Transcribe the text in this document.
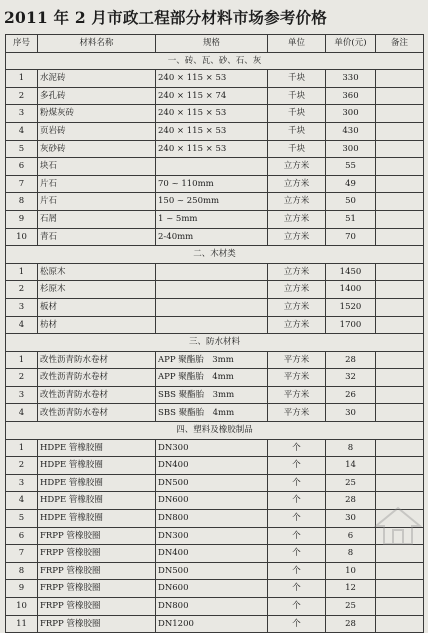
2011 年 2 月市政工程部分材料市场参考价格
序号	材料名称	规格	单位	单价(元)	备注
一、砖、瓦、砂、石、灰					
1	水泥砖	240 × 115 × 53	千块	330	
2	多孔砖	240 × 115 × 74	千块	360	
3	粉煤灰砖	240 × 115 × 53	千块	300	
4	页岩砖	240 × 115 × 53	千块	430	
5	灰砂砖	240 × 115 × 53	千块	300	
6	块石		立方米	55	
7	片石	70 ~ 110mm	立方米	49	
8	片石	150 ~ 250mm	立方米	50	
9	石屑	1 ~ 5mm	立方米	51	
10	青石	2-40mm	立方米	70	
二、木材类					
1	松原木		立方米	1450	
2	杉原木		立方米	1400	
3	板材		立方米	1520	
4	枋材		立方米	1700	
三、防水材料					
1	改性沥青防水卷材	APP 聚酯胎　3mm	平方米	28	
2	改性沥青防水卷材	APP 聚酯胎　4mm	平方米	32	
3	改性沥青防水卷材	SBS 聚酯胎　3mm	平方米	26	
4	改性沥青防水卷材	SBS 聚酯胎　4mm	平方米	30	
四、塑料及橡胶制品					
1	HDPE 管橡胶圈	DN300	个	8	
2	HDPE 管橡胶圈	DN400	个	14	
3	HDPE 管橡胶圈	DN500	个	25	
4	HDPE 管橡胶圈	DN600	个	28	
5	HDPE 管橡胶圈	DN800	个	30	
6	FRPP 管橡胶圈	DN300	个	6	
7	FRPP 管橡胶圈	DN400	个	8	
8	FRPP 管橡胶圈	DN500	个	10	
9	FRPP 管橡胶圈	DN600	个	12	
10	FRPP 管橡胶圈	DN800	个	25	
11	FRPP 管橡胶圈	DN1200	个	28	
